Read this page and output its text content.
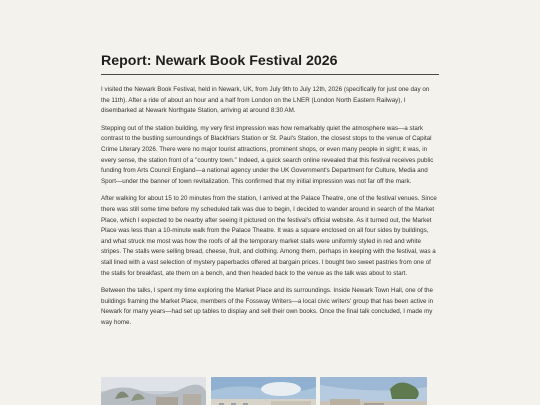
Report: Newark Book Festival 2026

I visited the Newark Book Festival, held in Newark, UK, from July 9th to July 12th, 2026 (specifically for just one day on the 11th). After a ride of about an hour and a half from London on the LNER (London North Eastern Railway), I disembarked at Newark Northgate Station, arriving at around 8:30 AM.

Stepping out of the station building, my very first impression was how remarkably quiet the atmosphere was—a stark contrast to the bustling surroundings of Blackfriars Station or St. Paul's Station, the closest stops to the venue of Capital Crime Literary 2026. There were no major tourist attractions, prominent shops, or even many people in sight; it was, in every sense, the station front of a "country town." Indeed, a quick search online revealed that this festival receives public funding from Arts Council England—a national agency under the UK Government's Department for Culture, Media and Sport—under the banner of town revitalization. This confirmed that my initial impression was not far off the mark.

After walking for about 15 to 20 minutes from the station, I arrived at the Palace Theatre, one of the festival venues. Since there was still some time before my scheduled talk was due to begin, I decided to wander around in search of the Market Place, which I expected to be nearby after seeing it pictured on the festival's official website. As it turned out, the Market Place was less than a 10-minute walk from the Palace Theatre. It was a square enclosed on all four sides by buildings, and what struck me most was how the roofs of all the temporary market stalls were uniformly styled in red and white stripes. The stalls were selling bread, cheese, fruit, and clothing. Among them, perhaps in keeping with the festival, was a stall lined with a vast selection of mystery paperbacks offered at bargain prices. I bought two sweet pastries from one of the stalls for breakfast, ate them on a bench, and then headed back to the venue as the talk was about to start.

Between the talks, I spent my time exploring the Market Place and its surroundings. Inside Newark Town Hall, one of the buildings framing the Market Place, members of the Fossway Writers—a local civic writers' group that has been active in Newark for many years—had set up tables to display and sell their own books. Once the final talk concluded, I made my way home.
